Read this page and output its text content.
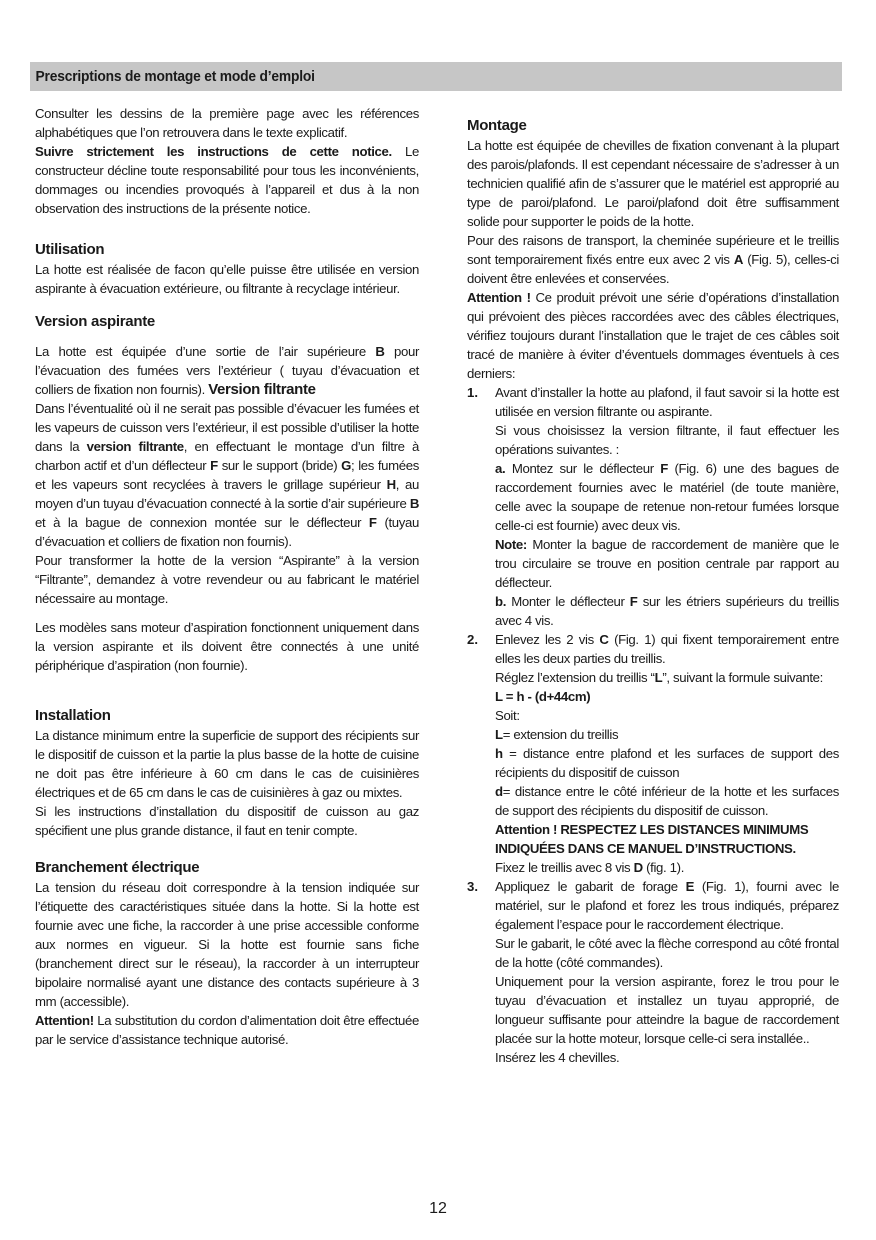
Prescriptions de montage et mode d’emploi

Consulter les dessins de la première page avec les références alphabétiques que l’on retrouvera dans le texte explicatif.
Suivre strictement les instructions de cette notice. Le constructeur décline toute responsabilité pour tous les inconvénients, dommages ou incendies provoqués à l’appareil et dus à la non observation des instructions de la présente notice.

Utilisation

La hotte est réalisée de facon qu’elle puisse être utilisée en version aspirante à évacuation extérieure, ou filtrante à recyclage intérieur.

Version aspirante

La hotte est équipée d’une sortie de l’air supérieure B pour l’évacuation des fumées vers l’extérieur ( tuyau d’évacuation et colliers de fixation non fournis). Version filtrante

Dans l’éventualité où il ne serait pas possible d’évacuer les fumées et les vapeurs de cuisson vers l’extérieur, il est possible d’utiliser la hotte dans la version filtrante, en effectuant le montage d’un filtre à charbon actif et d’un déflecteur F sur le support (bride) G; les fumées et les vapeurs sont recyclées à travers le grillage supérieur H, au moyen d’un tuyau d’évacuation connecté à la sortie d’air supérieure B et à la bague de connexion montée sur le déflecteur F (tuyau d’évacuation et colliers de fixation non fournis).

Pour transformer la hotte de la version “Aspirante” à la version “Filtrante”, demandez à votre revendeur ou au fabricant le matériel nécessaire au montage.

Les modèles sans moteur d’aspiration fonctionnent uniquement dans la version aspirante et ils doivent être connectés à une unité périphérique d’aspiration (non fournie).

Installation

La distance minimum entre la superficie de support des récipients sur le dispositif de cuisson et la partie la plus basse de la hotte de cuisine ne doit pas être inférieure à 60 cm dans le cas de cuisinières électriques et de 65 cm dans le cas de cuisinières à gaz ou mixtes.

Si les instructions d’installation du dispositif de cuisson au gaz spécifient une plus grande distance, il faut en tenir compte.

Branchement électrique

La tension du réseau doit correspondre à la tension indiquée sur l’étiquette des caractéristiques située dans la hotte. Si la hotte est fournie avec une fiche, la raccorder à une prise accessible conforme aux normes en vigueur. Si la hotte est fournie sans fiche (branchement direct sur le réseau), la raccorder à un interrupteur bipolaire normalisé ayant une distance des contacts supérieure à 3 mm (accessible).

Attention! La substitution du cordon d’alimentation doit être effectuée par le service d’assistance technique autorisé.

Montage

La hotte est équipée de chevilles de fixation convenant à la plupart des parois/plafonds. Il est cependant nécessaire de s’adresser à un technicien qualifié afin de s’assurer que le matériel est approprié au type de paroi/plafond. Le paroi/plafond doit être suffisamment solide pour supporter le poids de la hotte.

Pour des raisons de transport, la cheminée supérieure et le treillis sont temporairement fixés entre eux avec 2 vis A (Fig. 5), celles-ci doivent être enlevées et conservées.

Attention ! Ce produit prévoit une série d’opérations d’installation qui prévoient des pièces raccordées avec des câbles électriques, vérifiez toujours durant l’installation que le trajet de ces câbles soit tracé de manière à éviter d’éventuels dommages éventuels à ces derniers:

1. Avant d’installer la hotte au plafond, il faut savoir si la hotte est utilisée en version filtrante ou aspirante.

Si vous choisissez la version filtrante, il faut effectuer les opérations suivantes. :

a. Montez sur le déflecteur F (Fig. 6) une des bagues de raccordement fournies avec le matériel (de toute manière, celle avec la soupape de retenue non-retour fumées lorsque celle-ci est fournie) avec deux vis.

Note: Monter la bague de raccordement de manière que le trou circulaire se trouve en position centrale par rapport au déflecteur.

b. Monter le déflecteur F sur les étriers supérieurs du treillis avec 4 vis.

2. Enlevez les 2 vis C (Fig. 1) qui fixent temporairement entre elles les deux parties du treillis.

Réglez l’extension du treillis “L”, suivant la formule suivante:

L = h - (d+44cm)

Soit:

L= extension du treillis

h = distance entre plafond et les surfaces de support des récipients du dispositif de cuisson

d= distance entre le côté inférieur de la hotte et les surfaces de support des récipients du dispositif de cuisson.

Attention ! RESPECTEZ LES DISTANCES MINIMUMS INDIQUÉES DANS CE MANUEL D’INSTRUCTIONS.

Fixez le treillis avec 8 vis D (fig. 1).

3. Appliquez le gabarit de forage E (Fig. 1), fourni avec le matériel, sur le plafond et forez les trous indiqués, préparez également l’espace pour le raccordement électrique.

Sur le gabarit, le côté avec la flèche correspond au côté frontal de la hotte (côté commandes).

Uniquement pour la version aspirante, forez le trou pour le tuyau d’évacuation et installez un tuyau approprié, de longueur suffisante pour atteindre la bague de raccordement placée sur la hotte moteur, lorsque celle-ci sera installée..

Insérez les 4 chevilles.

12
